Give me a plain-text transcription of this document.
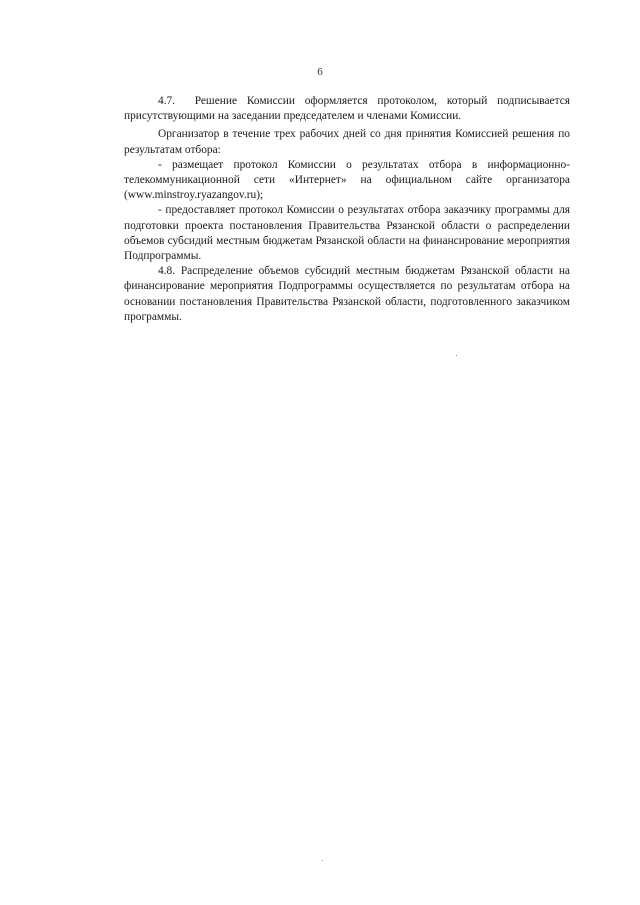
6

4.7.  Решение Комиссии оформляется протоколом, который подписывается присутствующими на заседании председателем и членами Комиссии.

Организатор в течение трех рабочих дней со дня принятия Комиссией решения по результатам отбора:

- размещает протокол Комиссии о результатах отбора в информационно-телекоммуникационной сети «Интернет» на официальном сайте организатора (www.minstroy.ryazangov.ru);

- предоставляет протокол Комиссии о результатах отбора заказчику программы для подготовки проекта постановления Правительства Рязанской области о распределении объемов субсидий местным бюджетам Рязанской области на финансирование мероприятия Подпрограммы.

4.8. Распределение объемов субсидий местным бюджетам Рязанской области на финансирование мероприятия Подпрограммы осуществляется по результатам отбора на основании постановления Правительства Рязанской области, подготовленного заказчиком программы.
